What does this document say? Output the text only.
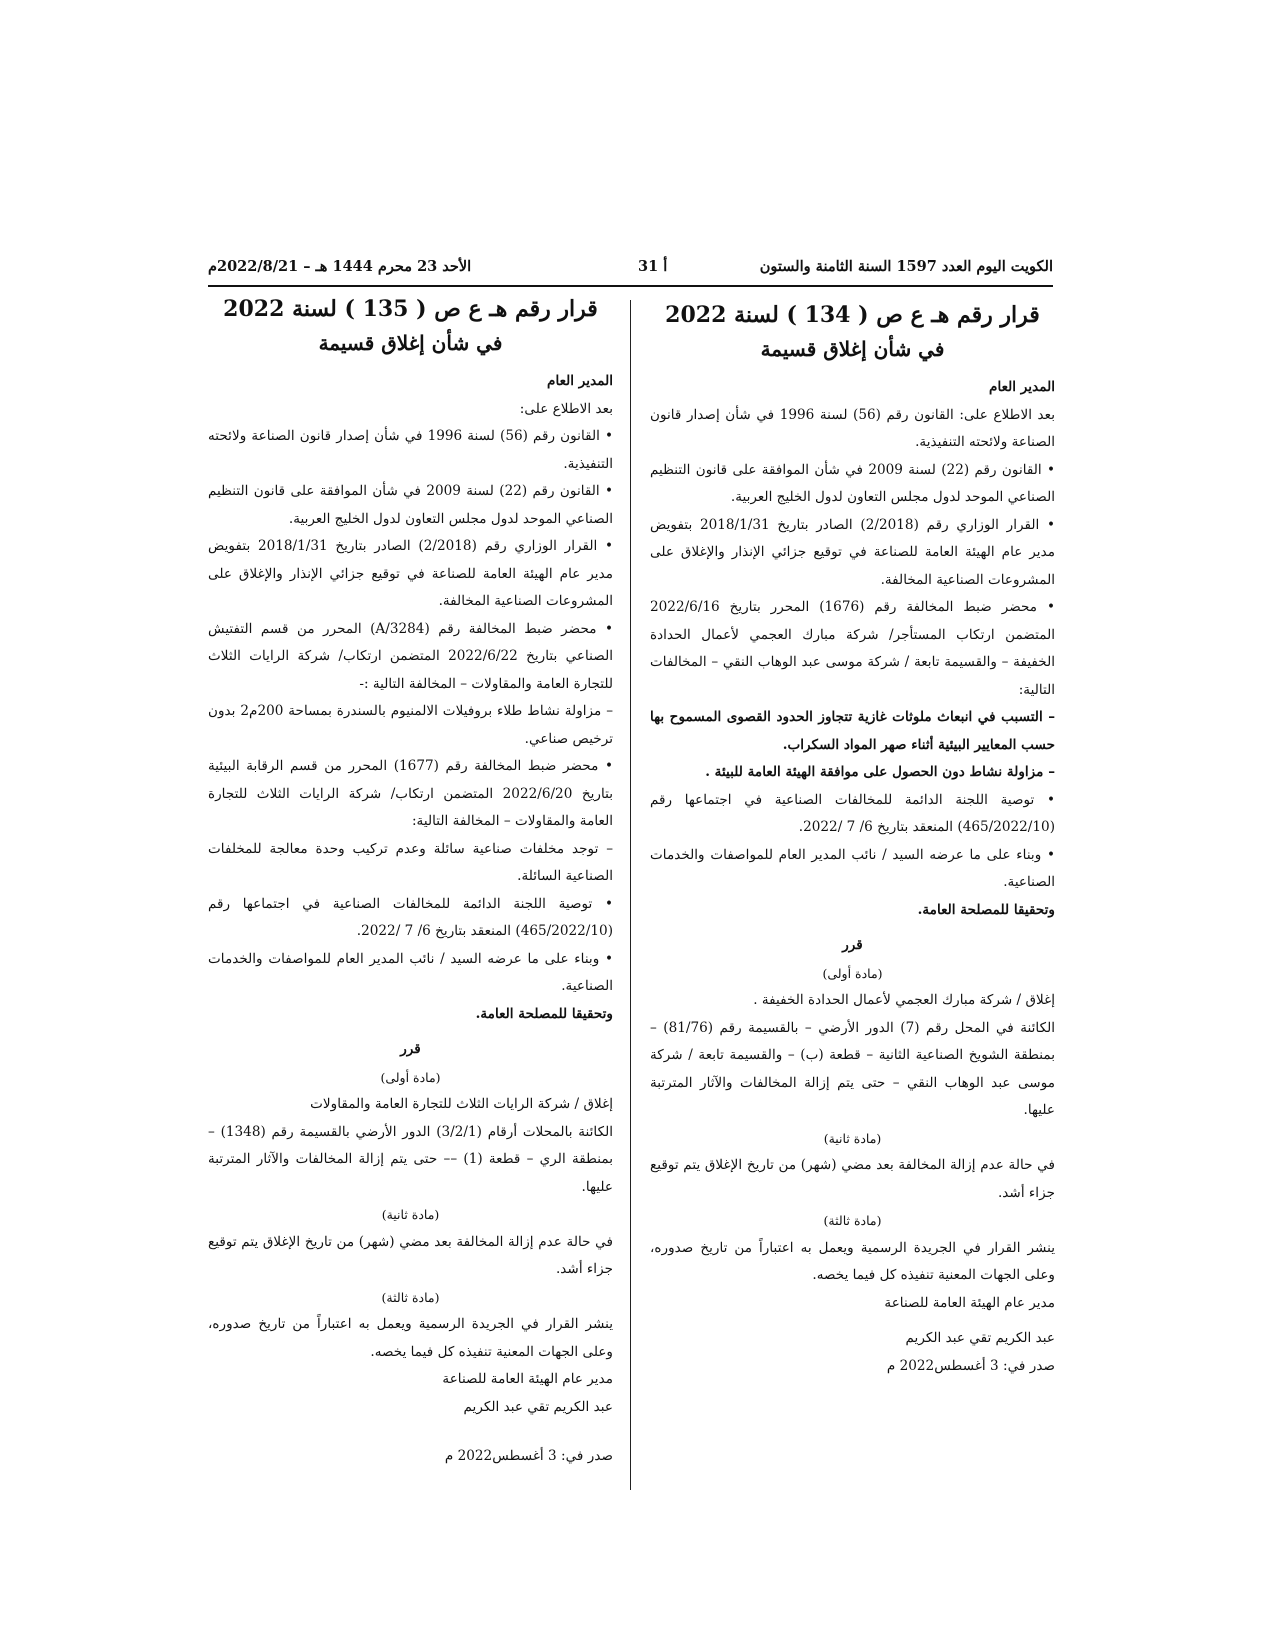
الكويت اليوم العدد 1597 السنة الثامنة والستون
أ 31
الأحد 23 محرم 1444 هـ – 2022/8/21م

قرار رقم هـ ع ص ( 134 ) لسنة 2022

في شأن إغلاق قسيمة

المدير العام

بعد الاطلاع على: القانون رقم (56) لسنة 1996 في شأن إصدار قانون الصناعة ولائحته التنفيذية.

• القانون رقم (22) لسنة 2009 في شأن الموافقة على قانون التنظيم الصناعي الموحد لدول مجلس التعاون لدول الخليج العربية.

• القرار الوزاري رقم (2/2018) الصادر بتاريخ 2018/1/31 بتفويض مدير عام الهيئة العامة للصناعة في توقيع جزائي الإنذار والإغلاق على المشروعات الصناعية المخالفة.

• محضر ضبط المخالفة رقم (1676) المحرر بتاريخ 2022/6/16 المتضمن ارتكاب المستأجر/ شركة مبارك العجمي لأعمال الحدادة الخفيفة – والقسيمة تابعة / شركة موسى عبد الوهاب النقي – المخالفات التالية:

– التسبب في انبعاث ملوثات غازية تتجاوز الحدود القصوى المسموح بها حسب المعايير البيئية أثناء صهر المواد السكراب.

– مزاولة نشاط دون الحصول على موافقة الهيئة العامة للبيئة .

• توصية اللجنة الدائمة للمخالفات الصناعية في اجتماعها رقم (465/2022/10) المنعقد بتاريخ 6/ 7 /2022.

• وبناء على ما عرضه السيد / نائب المدير العام للمواصفات والخدمات الصناعية.

وتحقيقا للمصلحة العامة.

قرر

(مادة أولى)

إغلاق / شركة مبارك العجمي لأعمال الحدادة الخفيفة .

الكائنة في المحل رقم (7) الدور الأرضي – بالقسيمة رقم (81/76) – بمنطقة الشويخ الصناعية الثانية – قطعة (ب) – والقسيمة تابعة / شركة موسى عبد الوهاب النقي – حتى يتم إزالة المخالفات والآثار المترتبة عليها.

(مادة ثانية)

في حالة عدم إزالة المخالفة بعد مضي (شهر) من تاريخ الإغلاق يتم توقيع جزاء أشد.

(مادة ثالثة)

ينشر القرار في الجريدة الرسمية ويعمل به اعتباراً من تاريخ صدوره، وعلى الجهات المعنية تنفيذه كل فيما يخصه.

مدير عام الهيئة العامة للصناعة

عبد الكريم تقي عبد الكريم

صدر في: 3 أغسطس2022 م

قرار رقم هـ ع ص ( 135 ) لسنة 2022

في شأن إغلاق قسيمة

المدير العام

بعد الاطلاع على:

• القانون رقم (56) لسنة 1996 في شأن إصدار قانون الصناعة ولائحته التنفيذية.

• القانون رقم (22) لسنة 2009 في شأن الموافقة على قانون التنظيم الصناعي الموحد لدول مجلس التعاون لدول الخليج العربية.

• القرار الوزاري رقم (2/2018) الصادر بتاريخ 2018/1/31 بتفويض مدير عام الهيئة العامة للصناعة في توقيع جزائي الإنذار والإغلاق على المشروعات الصناعية المخالفة.

• محضر ضبط المخالفة رقم (3284/A) المحرر من قسم التفتيش الصناعي بتاريخ 2022/6/22 المتضمن ارتكاب/ شركة الرايات الثلاث للتجارة العامة والمقاولات – المخالفة التالية :-

– مزاولة نشاط طلاء بروفيلات الالمنيوم بالسندرة بمساحة 200م2 بدون ترخيص صناعي.

• محضر ضبط المخالفة رقم (1677) المحرر من قسم الرقابة البيئية بتاريخ 2022/6/20 المتضمن ارتكاب/ شركة الرايات الثلاث للتجارة العامة والمقاولات – المخالفة التالية:

– توجد مخلفات صناعية سائلة وعدم تركيب وحدة معالجة للمخلفات الصناعية السائلة.

• توصية اللجنة الدائمة للمخالفات الصناعية في اجتماعها رقم (465/2022/10) المنعقد بتاريخ 6/ 7 /2022.

• وبناء على ما عرضه السيد / نائب المدير العام للمواصفات والخدمات الصناعية.

وتحقيقا للمصلحة العامة.

قرر

(مادة أولى)

إغلاق / شركة الرايات الثلاث للتجارة العامة والمقاولات

الكائنة بالمحلات أرقام (3/2/1) الدور الأرضي بالقسيمة رقم (1348) – بمنطقة الري – قطعة (1) –– حتى يتم إزالة المخالفات والآثار المترتبة عليها.

(مادة ثانية)

في حالة عدم إزالة المخالفة بعد مضي (شهر) من تاريخ الإغلاق يتم توقيع جزاء أشد.

(مادة ثالثة)

ينشر القرار في الجريدة الرسمية ويعمل به اعتباراً من تاريخ صدوره، وعلى الجهات المعنية تنفيذه كل فيما يخصه.

مدير عام الهيئة العامة للصناعة

عبد الكريم تقي عبد الكريم

صدر في: 3 أغسطس2022 م
